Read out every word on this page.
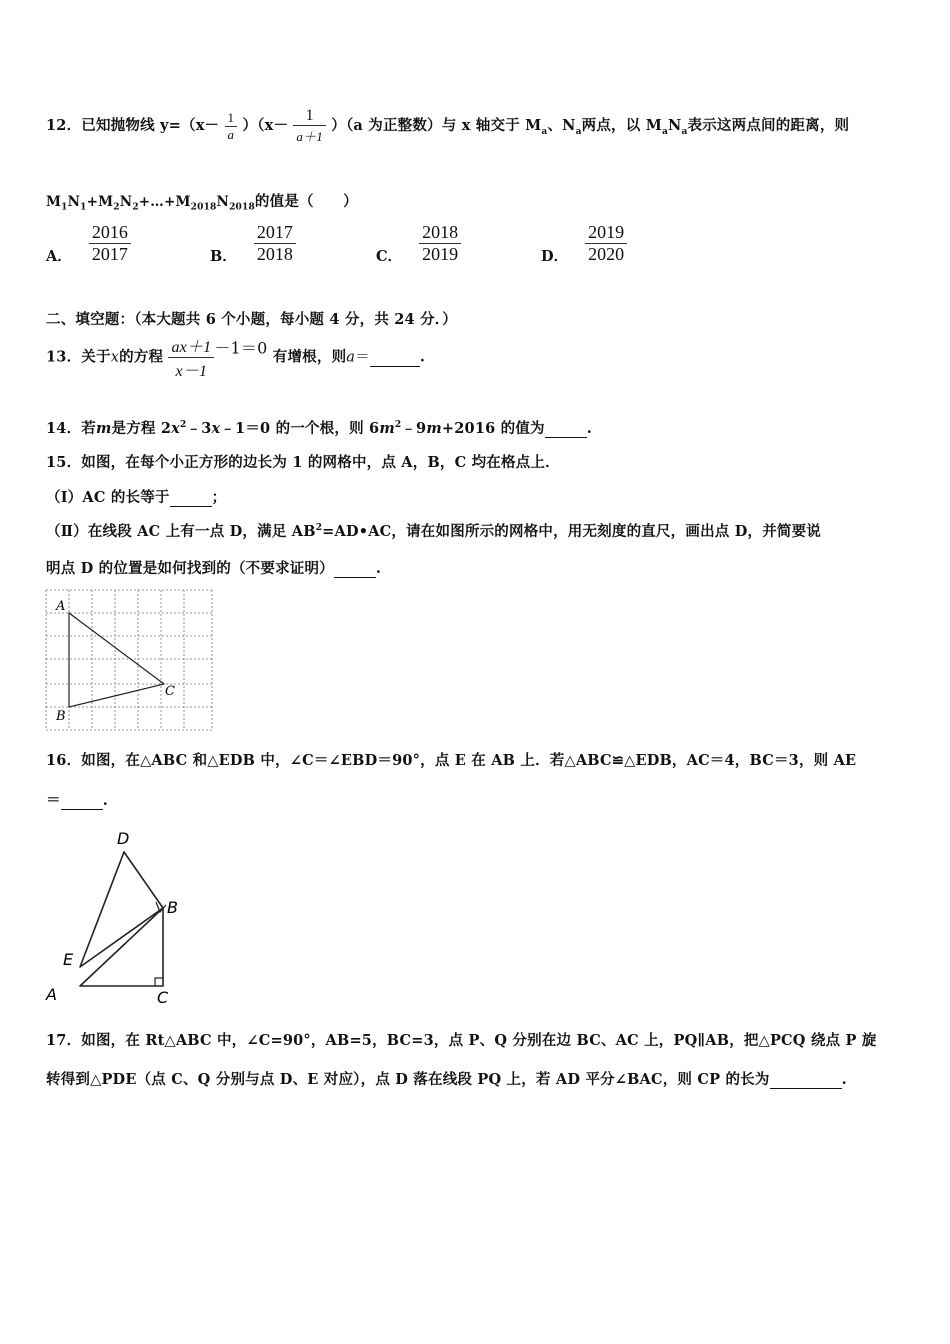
12．已知抛物线 $y=(x- \frac{1}{a} )(x- \frac{1}{a+1} )(a$ 为正整数）与 x 轴交于 $M_a$、$N_a$两点，以 $M_aN_a$表示这两点间的距离，则
$M_1N_1+M_2N_2+\dots+M_{2018}N_{2018}$的值是（　　）
A． $\frac{2016}{2017}$	B． $\frac{2017}{2018}$	C． $\frac{2018}{2019}$	D． $\frac{2019}{2020}$
二、填空题：（本大题共 6 个小题，每小题 4 分，共 24 分．）
13．关于x的方程 $\frac{ax+1}{x-1} -1=0$ 有增根，则a＝	.
14．若m是方程 $2x^2﹣3x﹣1=0$ 的一个根，则 $6m^2﹣9m+2016$ 的值为	.
15．如图，在每个小正方形的边长为 1 的网格中，点 A，B，C 均在格点上．
（Ⅰ）AC 的长等于	；
（Ⅱ）在线段 AC 上有一点 D，满足 $AB^2=AD•AC$，请在如图所示的网格中，用无刻度的直尺，画出点 D，并简要说
明点 D 的位置是如何找到的（不要求证明）	.
A
B
C
16．如图，在△ABC 和△EDB 中，∠C＝∠EBD＝90°，点 E 在 AB 上．若△ABC≌△EDB，AC＝4，BC＝3，则 AE
＝	.
D
B
E
A	C
17．如图，在 Rt△ABC 中，∠C=90°，AB=5，BC=3，点 P、Q 分别在边 BC、AC 上，PQ∥AB，把△PCQ 绕点 P 旋
转得到△PDE（点 C、Q 分别与点 D、E 对应），点 D 落在线段 PQ 上，若 AD 平分∠BAC，则 CP 的长为	.
